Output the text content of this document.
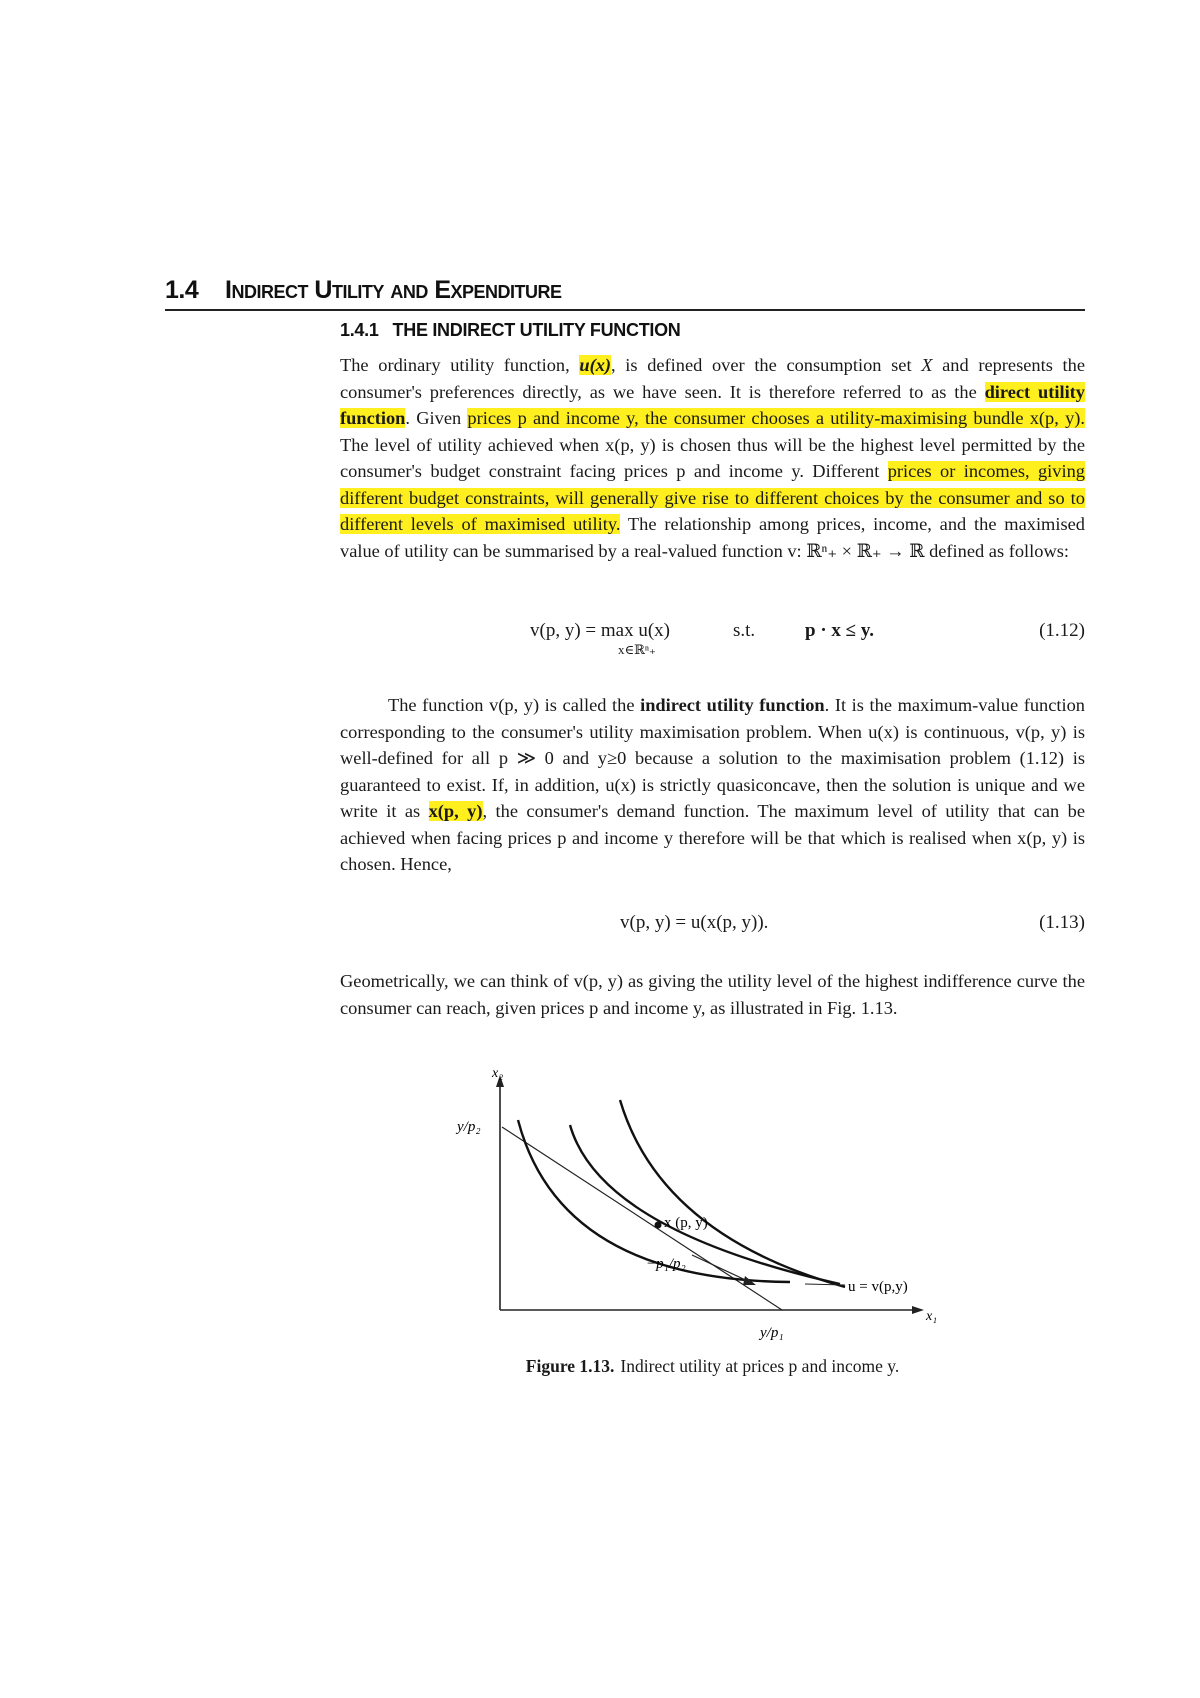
1.4 Indirect Utility and Expenditure
1.4.1 THE INDIRECT UTILITY FUNCTION
The ordinary utility function, u(x), is defined over the consumption set X and represents the consumer's preferences directly, as we have seen. It is therefore referred to as the direct utility function. Given prices p and income y, the consumer chooses a utility-maximising bundle x(p, y). The level of utility achieved when x(p, y) is chosen thus will be the highest level permitted by the consumer's budget constraint facing prices p and income y. Different prices or incomes, giving different budget constraints, will generally give rise to different choices by the consumer and so to different levels of maximised utility. The relationship among prices, income, and the maximised value of utility can be summarised by a real-valued function v: ℝⁿ₊ × ℝ₊ → ℝ defined as follows:
v(p, y) = max u(x)
x∈ℝⁿ₊
s.t.	p · x ≤ y.	(1.12)
The function v(p, y) is called the indirect utility function. It is the maximum-value function corresponding to the consumer's utility maximisation problem. When u(x) is continuous, v(p, y) is well-defined for all p ≫ 0 and y≥0 because a solution to the maximisation problem (1.12) is guaranteed to exist. If, in addition, u(x) is strictly quasiconcave, then the solution is unique and we write it as x(p, y), the consumer's demand function. The maximum level of utility that can be achieved when facing prices p and income y therefore will be that which is realised when x(p, y) is chosen. Hence,
v(p, y) = u(x(p, y)).	(1.13)
Geometrically, we can think of v(p, y) as giving the utility level of the highest indifference curve the consumer can reach, given prices p and income y, as illustrated in Fig. 1.13.
x₂
x₁
y/p₂
y/p₁
x (p, y)
−p₁/p₂
u = v(p,y)
Figure 1.13. Indirect utility at prices p and income y.
